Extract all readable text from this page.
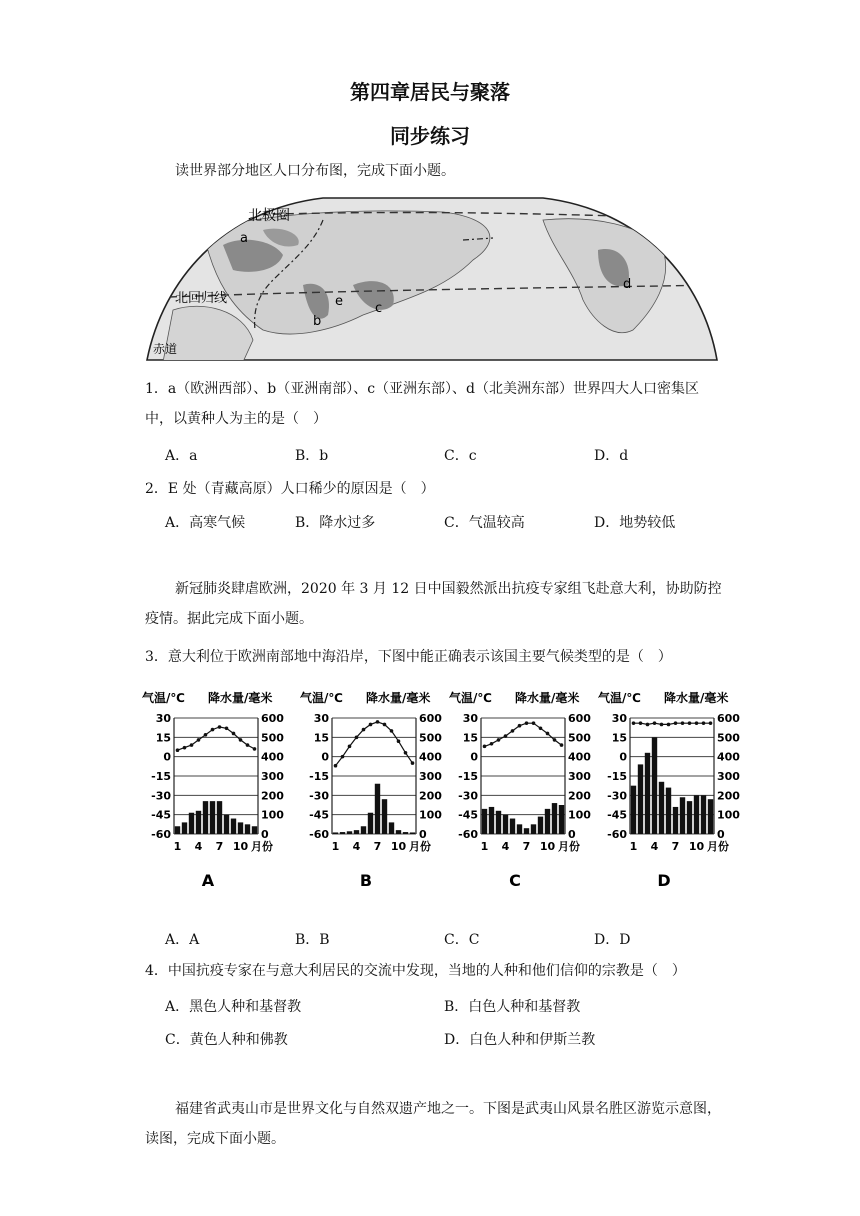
第四章居民与聚落
同步练习
读世界部分地区人口分布图，完成下面小题。
北极圈
北回归线
赤道
a
b
c
d
e
1．a（欧洲西部）、b（亚洲南部）、c（亚洲东部）、d（北美洲东部）世界四大人口密集区中，以黄种人为主的是（　）
A．a	B．b	C．c	D．d
2．E 处（青藏高原）人口稀少的原因是（　）
A．高寒气候	B．降水过多	C．气温较高	D．地势较低
新冠肺炎肆虐欧洲，2020 年 3 月 12 日中国毅然派出抗疫专家组飞赴意大利，协助防控疫情。据此完成下面小题。
3．意大利位于欧洲南部地中海沿岸，下图中能正确表示该国主要气候类型的是（　）
气温/℃ 降水量/毫米
30	600
15	500
0	400
-15	300
-30	200
-45	100
-60	0
1 4 7 10 月份
A
气温/℃ 降水量/毫米
30	600
15	500
0	400
-15	300
-30	200
-45	100
-60	0
1 4 7 10 月份
B
气温/℃ 降水量/毫米
30	600
15	500
0	400
-15	300
-30	200
-45	100
-60	0
1 4 7 10 月份
C
气温/℃ 降水量/毫米
30	600
15	500
0	400
-15	300
-30	200
-45	100
-60	0
1 4 7 10 月份
D
A．A	B．B	C．C	D．D
4．中国抗疫专家在与意大利居民的交流中发现，当地的人种和他们信仰的宗教是（　）
A．黑色人种和基督教	B．白色人种和基督教
C．黄色人种和佛教	D．白色人种和伊斯兰教
福建省武夷山市是世界文化与自然双遗产地之一。下图是武夷山风景名胜区游览示意图，读图，完成下面小题。
